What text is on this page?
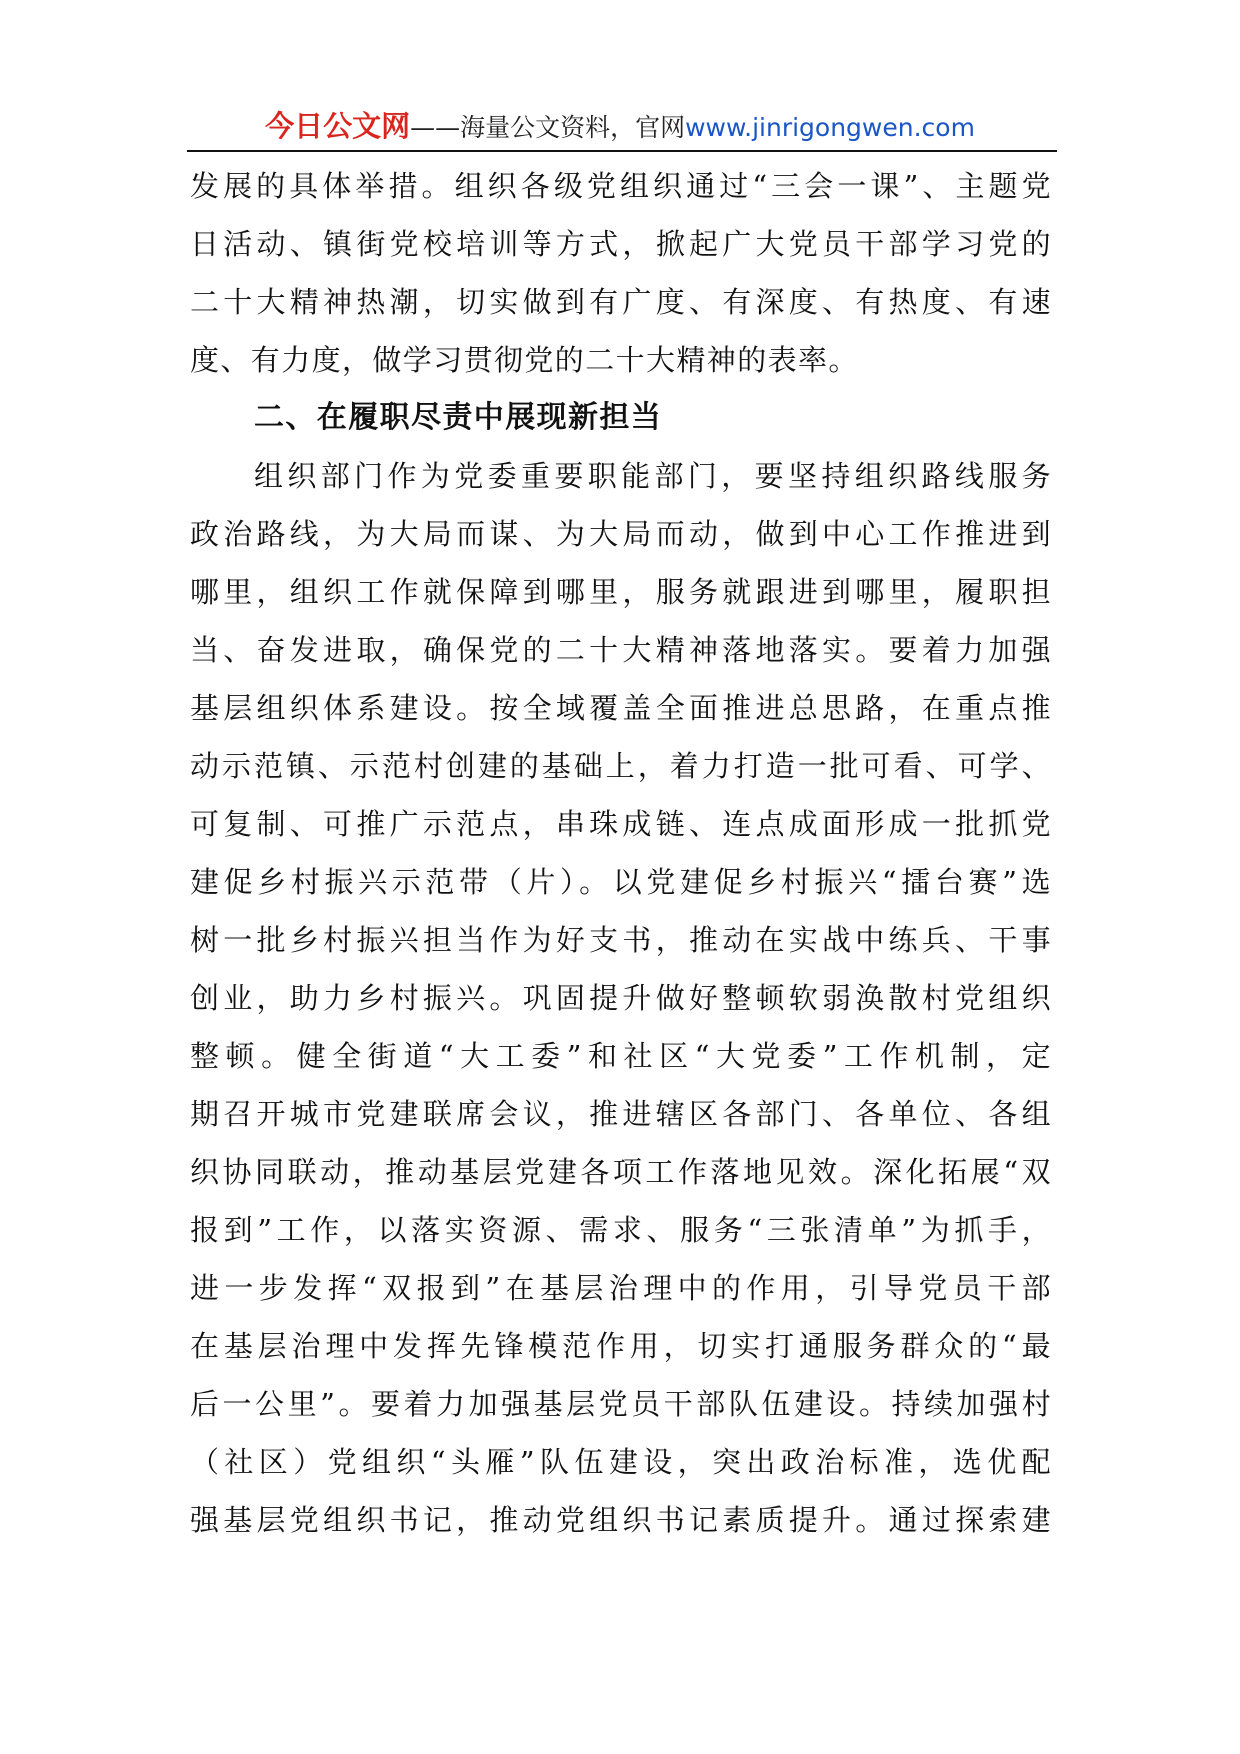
今日公文网——海量公文资料，官网www.jinrigongwen.com
发展的具体举措。组织各级党组织通过“三会一课”、主题党
日活动、镇街党校培训等方式，掀起广大党员干部学习党的
二十大精神热潮，切实做到有广度、有深度、有热度、有速
度、有力度，做学习贯彻党的二十大精神的表率。
二、在履职尽责中展现新担当
组织部门作为党委重要职能部门，要坚持组织路线服务
政治路线，为大局而谋、为大局而动，做到中心工作推进到
哪里，组织工作就保障到哪里，服务就跟进到哪里，履职担
当、奋发进取，确保党的二十大精神落地落实。要着力加强
基层组织体系建设。按全域覆盖全面推进总思路，在重点推
动示范镇、示范村创建的基础上，着力打造一批可看、可学、
可复制、可推广示范点，串珠成链、连点成面形成一批抓党
建促乡村振兴示范带（片）。以党建促乡村振兴“擂台赛”选
树一批乡村振兴担当作为好支书，推动在实战中练兵、干事
创业，助力乡村振兴。巩固提升做好整顿软弱涣散村党组织
整顿。健全街道“大工委”和社区“大党委”工作机制，定
期召开城市党建联席会议，推进辖区各部门、各单位、各组
织协同联动，推动基层党建各项工作落地见效。深化拓展“双
报到”工作，以落实资源、需求、服务“三张清单”为抓手，
进一步发挥“双报到”在基层治理中的作用，引导党员干部
在基层治理中发挥先锋模范作用，切实打通服务群众的“最
后一公里”。要着力加强基层党员干部队伍建设。持续加强村
（社区）党组织“头雁”队伍建设，突出政治标准，选优配
强基层党组织书记，推动党组织书记素质提升。通过探索建
